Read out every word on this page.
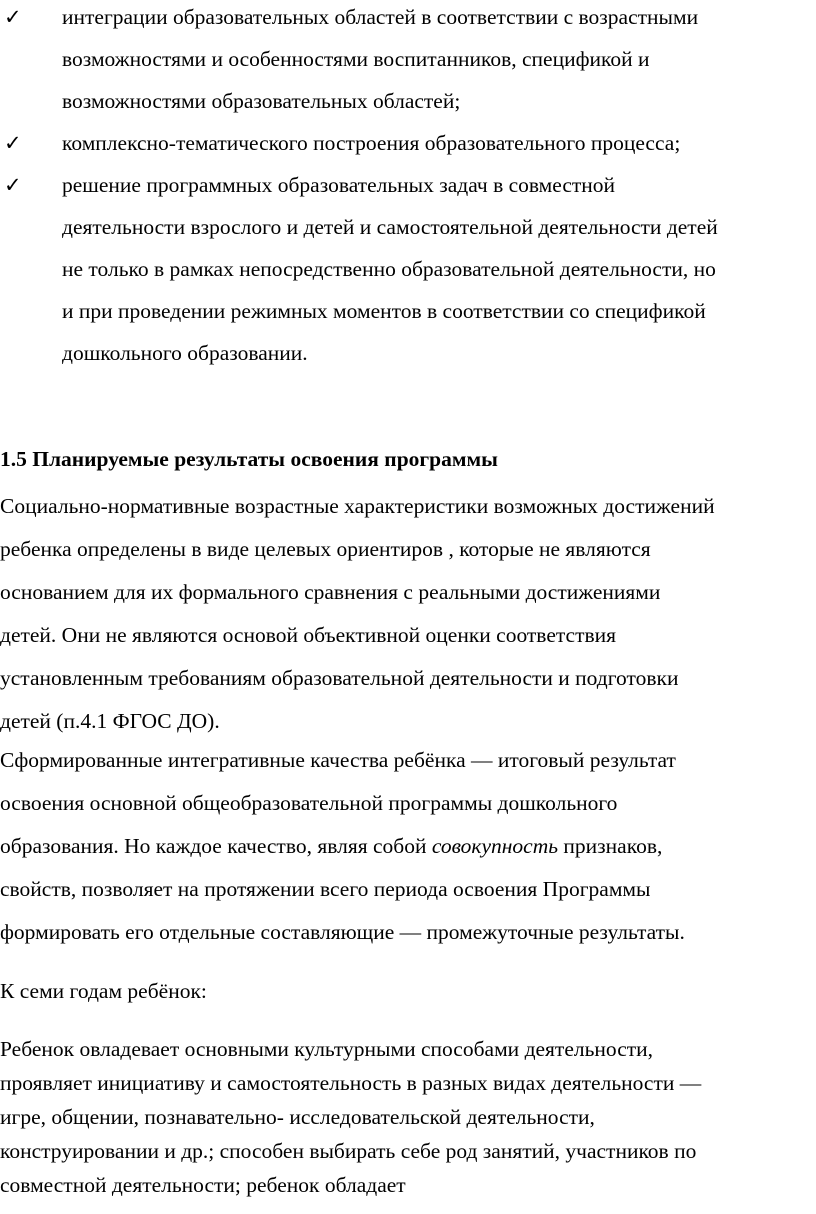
✓ интеграции образовательных областей в соответствии с возрастными
возможностями и особенностями воспитанников, спецификой и
возможностями образовательных областей;

✓ комплексно-тематического построения образовательного процесса;

✓ решение программных образовательных задач в совместной
деятельности взрослого и детей и самостоятельной деятельности детей
не только в рамках непосредственно образовательной деятельности, но
и при проведении режимных моментов в соответствии со спецификой
дошкольного образовании.

1.5 Планируемые результаты освоения программы

Социально-нормативные возрастные характеристики возможных достижений
ребенка определены в виде целевых ориентиров , которые не являются
основанием для их формального сравнения с реальными достижениями
детей. Они не являются основой объективной оценки соответствия
установленным требованиям образовательной деятельности и подготовки
детей (п.4.1 ФГОС ДО).

Сформированные интегративные качества ребёнка — итоговый результат
освоения основной общеобразовательной программы дошкольного
образования. Но каждое качество, являя собой совокупность признаков,
свойств, позволяет на протяжении всего периода освоения Программы
формировать его отдельные составляющие — промежуточные результаты.

К семи годам ребёнок:

Ребенок овладевает основными культурными способами деятельности,
проявляет инициативу и самостоятельность в разных видах деятельности —
игре, общении, познавательно- исследовательской деятельности,
конструировании и др.; способен выбирать себе род занятий, участников по
совместной деятельности; ребенок обладает
